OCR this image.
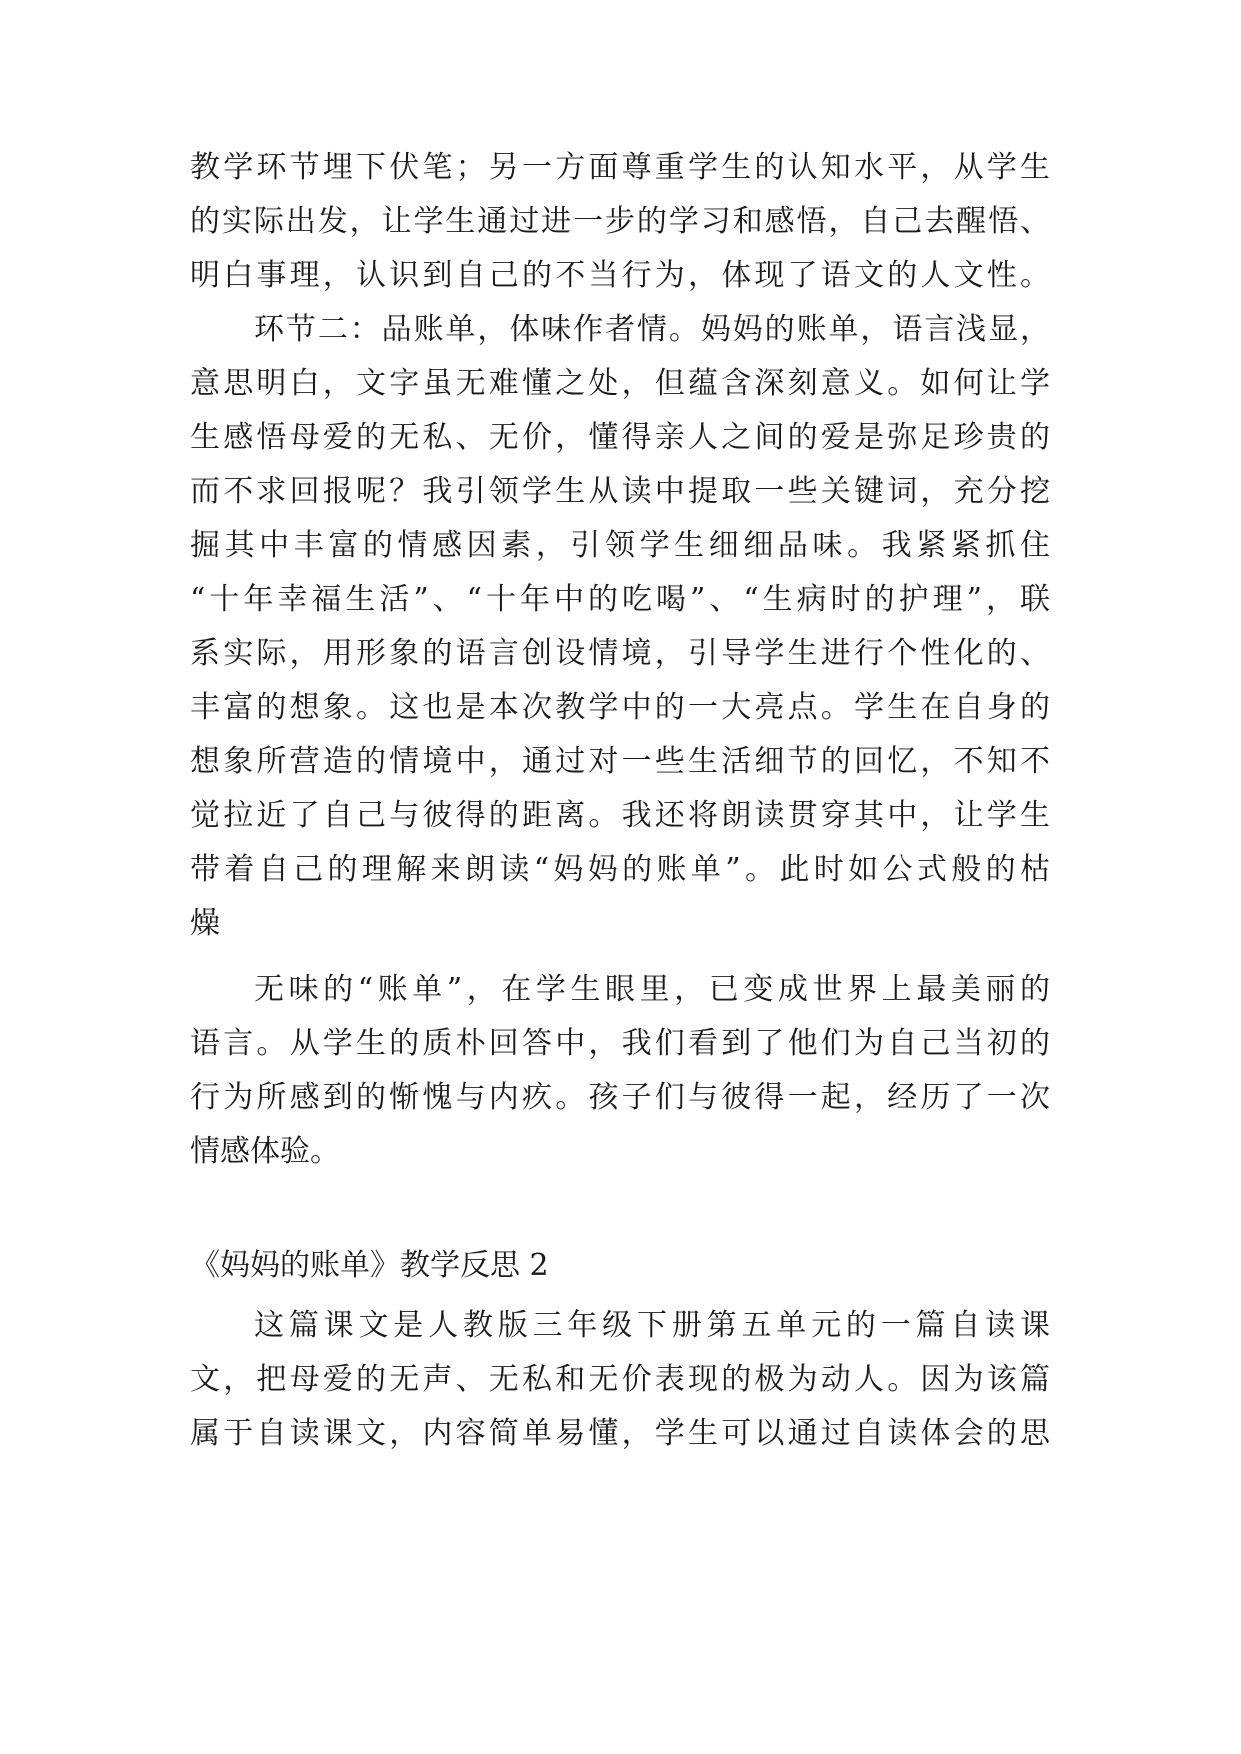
教学环节埋下伏笔；另一方面尊重学生的认知水平，从学生
的实际出发，让学生通过进一步的学习和感悟，自己去醒悟、
明白事理，认识到自己的不当行为，体现了语文的人文性。
环节二：品账单，体味作者情。妈妈的账单，语言浅显，
意思明白，文字虽无难懂之处，但蕴含深刻意义。如何让学
生感悟母爱的无私、无价，懂得亲人之间的爱是弥足珍贵的
而不求回报呢？我引领学生从读中提取一些关键词，充分挖
掘其中丰富的情感因素，引领学生细细品味。我紧紧抓住
“十年幸福生活”、“十年中的吃喝”、“生病时的护理”，联
系实际，用形象的语言创设情境，引导学生进行个性化的、
丰富的想象。这也是本次教学中的一大亮点。学生在自身的
想象所营造的情境中，通过对一些生活细节的回忆，不知不
觉拉近了自己与彼得的距离。我还将朗读贯穿其中，让学生
带着自己的理解来朗读“妈妈的账单”。此时如公式般的枯
燥
无味的“账单”，在学生眼里，已变成世界上最美丽的
语言。从学生的质朴回答中，我们看到了他们为自己当初的
行为所感到的惭愧与内疚。孩子们与彼得一起，经历了一次
情感体验。
《妈妈的账单》教学反思 2
这篇课文是人教版三年级下册第五单元的一篇自读课
文，把母爱的无声、无私和无价表现的极为动人。因为该篇
属于自读课文，内容简单易懂，学生可以通过自读体会的思
